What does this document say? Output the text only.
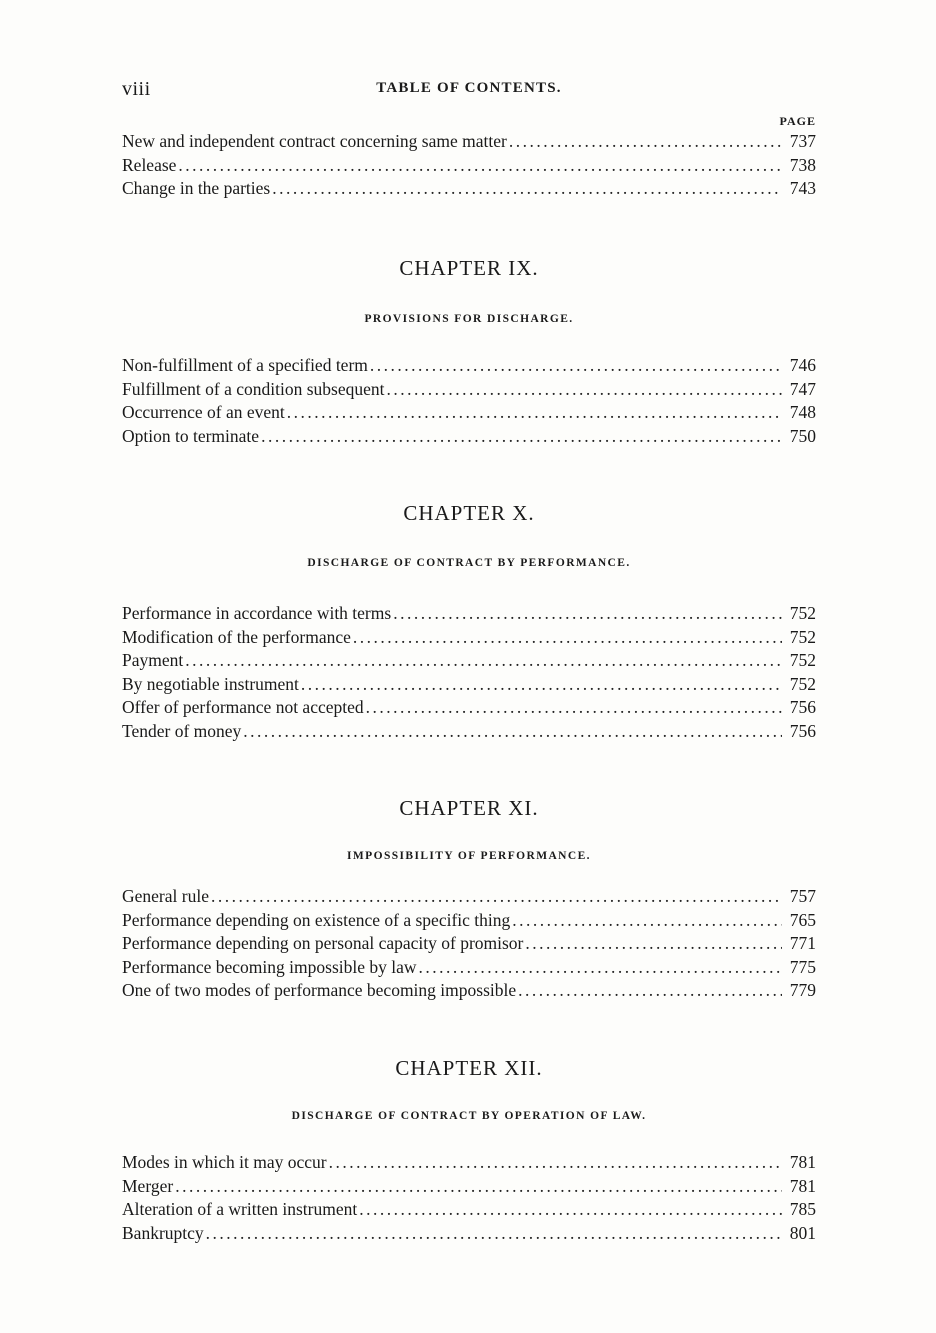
viii	TABLE OF CONTENTS.
PAGE
New and independent contract concerning same matter .....	737
Release .....	738
Change in the parties .....	743
CHAPTER IX.
PROVISIONS FOR DISCHARGE.
Non-fulfillment of a specified term .....	746
Fulfillment of a condition subsequent .....	747
Occurrence of an event .....	748
Option to terminate .....	750
CHAPTER X.
DISCHARGE OF CONTRACT BY PERFORMANCE.
Performance in accordance with terms .....	752
Modification of the performance .....	752
Payment .....	752
By negotiable instrument .....	752
Offer of performance not accepted .....	756
Tender of money .....	756
CHAPTER XI.
IMPOSSIBILITY OF PERFORMANCE.
General rule .....	757
Performance depending on existence of a specific thing .....	765
Performance depending on personal capacity of promisor .....	771
Performance becoming impossible by law .....	775
One of two modes of performance becoming impossible .....	779
CHAPTER XII.
DISCHARGE OF CONTRACT BY OPERATION OF LAW.
Modes in which it may occur .....	781
Merger .....	781
Alteration of a written instrument .....	785
Bankruptcy .....	801
